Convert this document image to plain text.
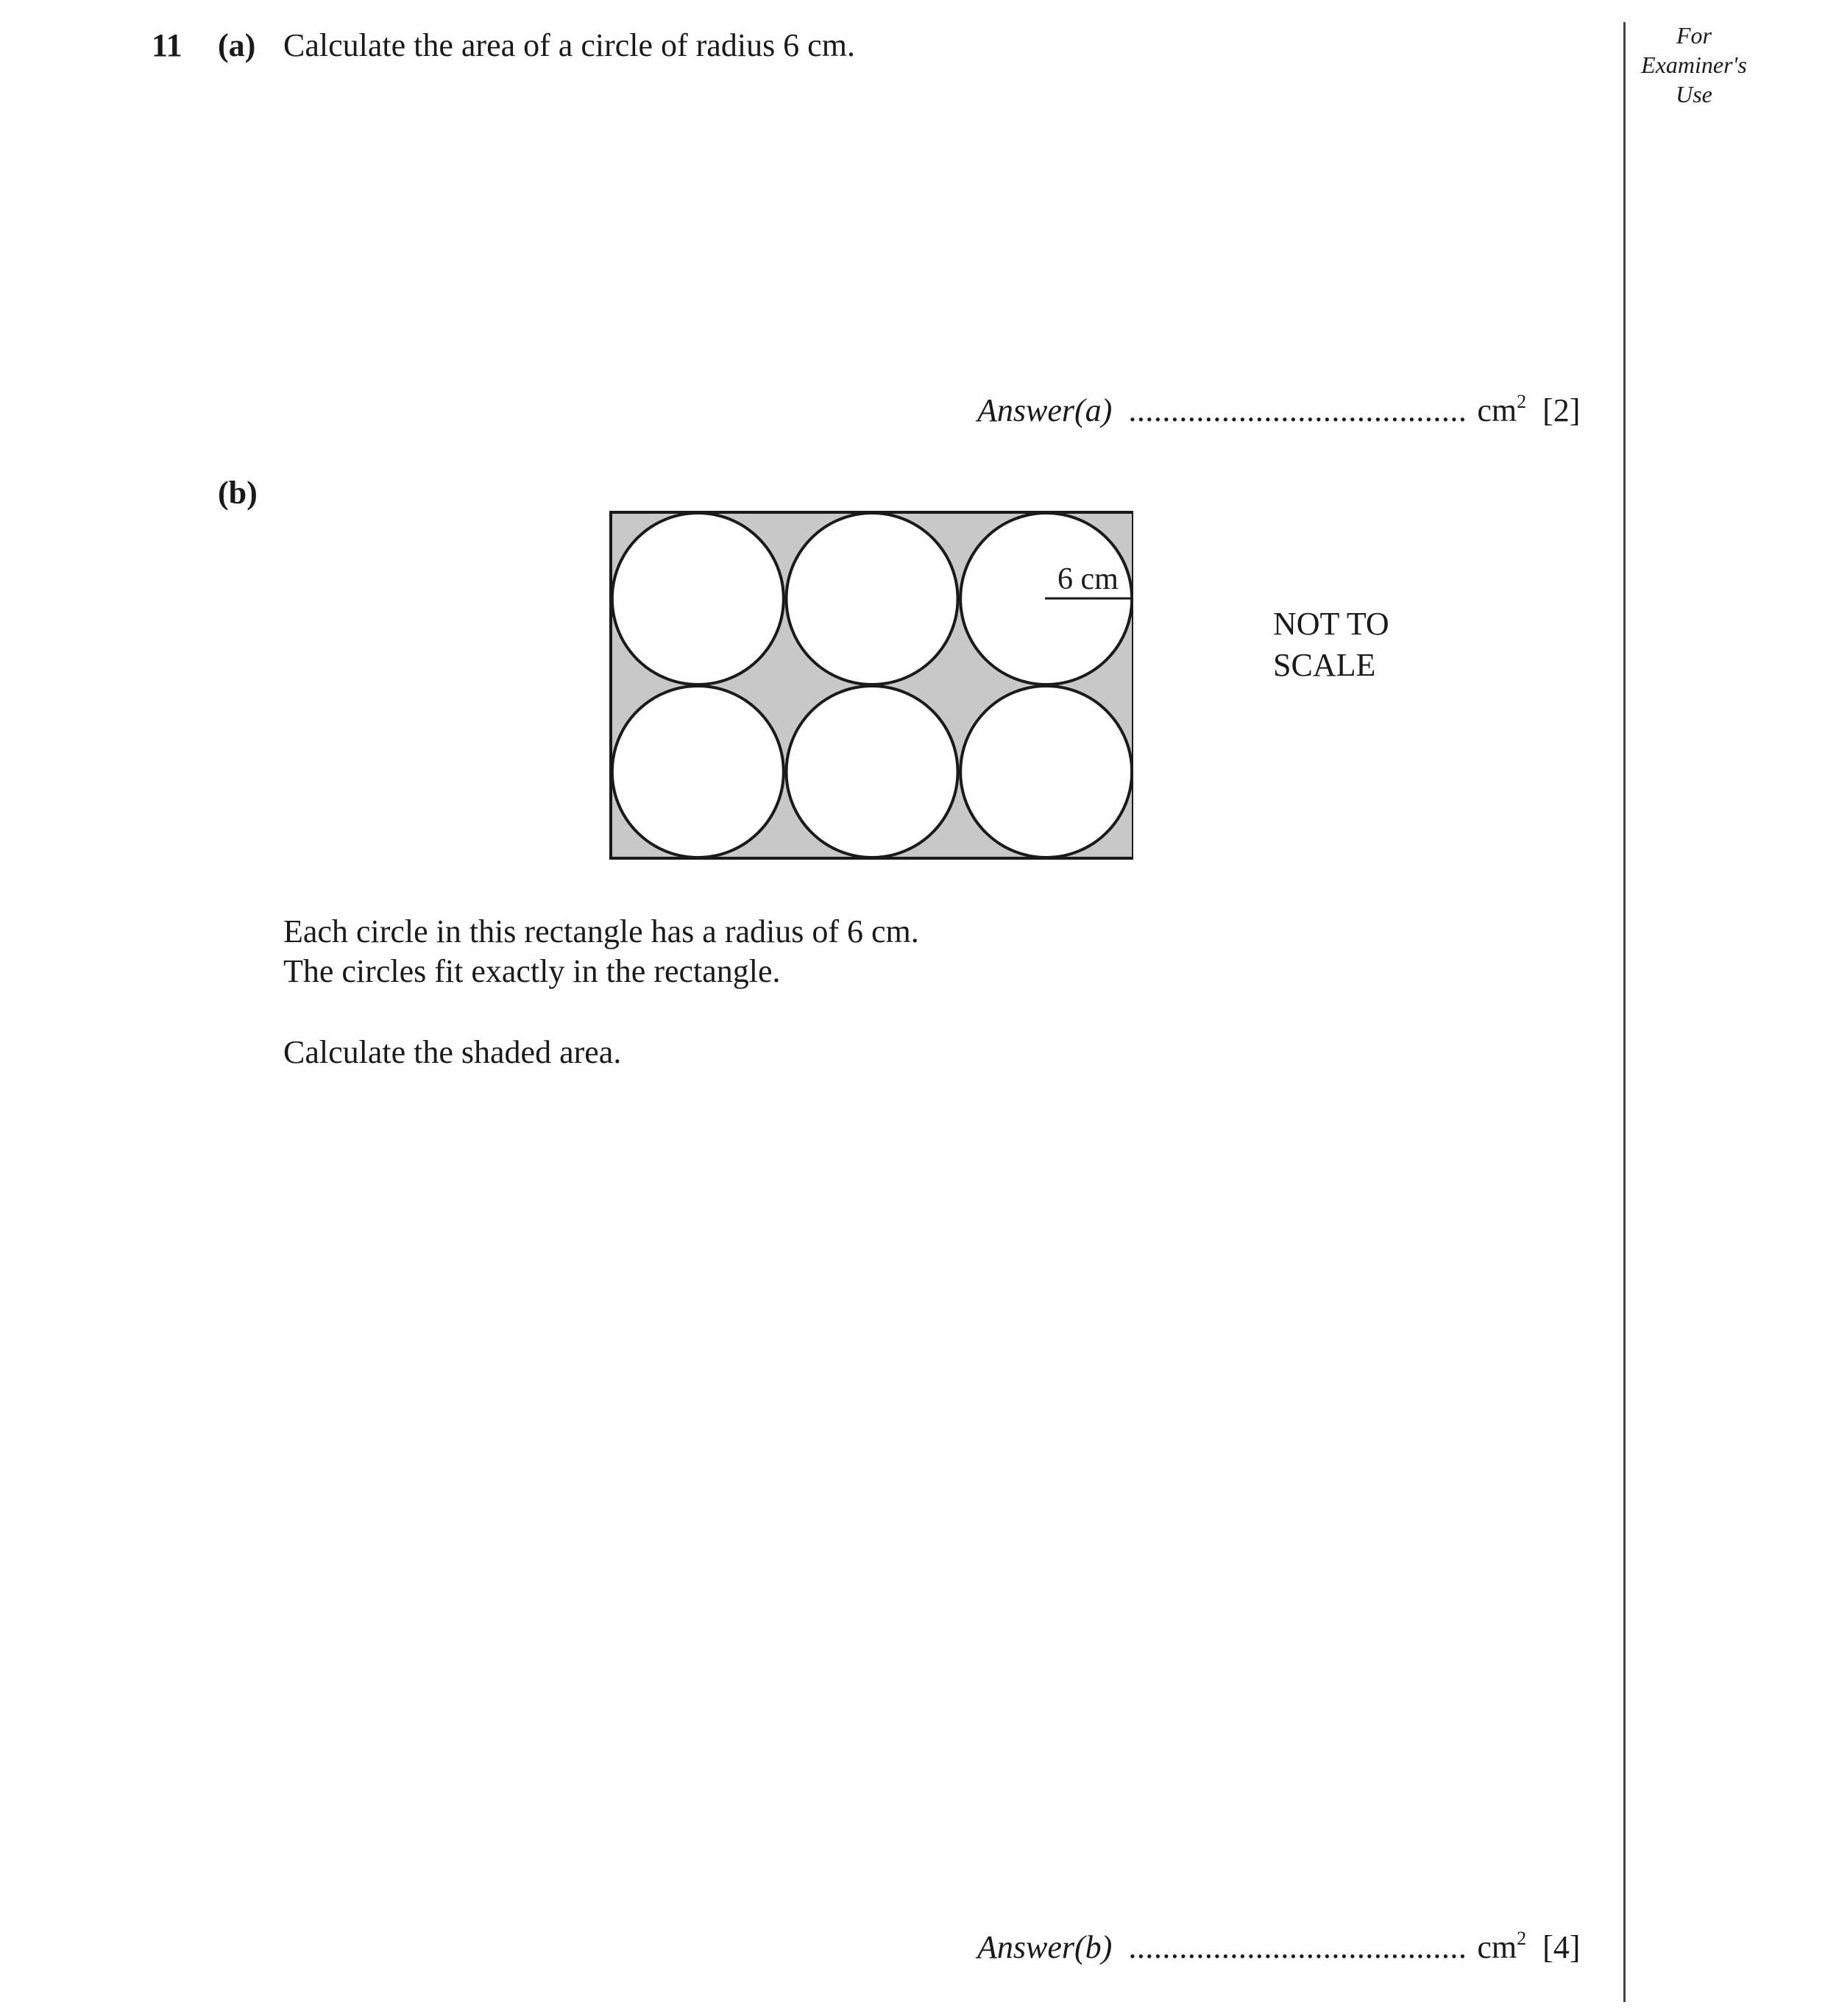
11 (a) Calculate the area of a circle of radius 6 cm.	For
Examiner's
Use
Answer(a) ........................................ $cm^2$ [2]
(b)
6 cm
NOT TO
SCALE
Each circle in this rectangle has a radius of 6 cm.
The circles fit exactly in the rectangle.
Calculate the shaded area.
Answer(b) ........................................ $cm^2$ [4]
